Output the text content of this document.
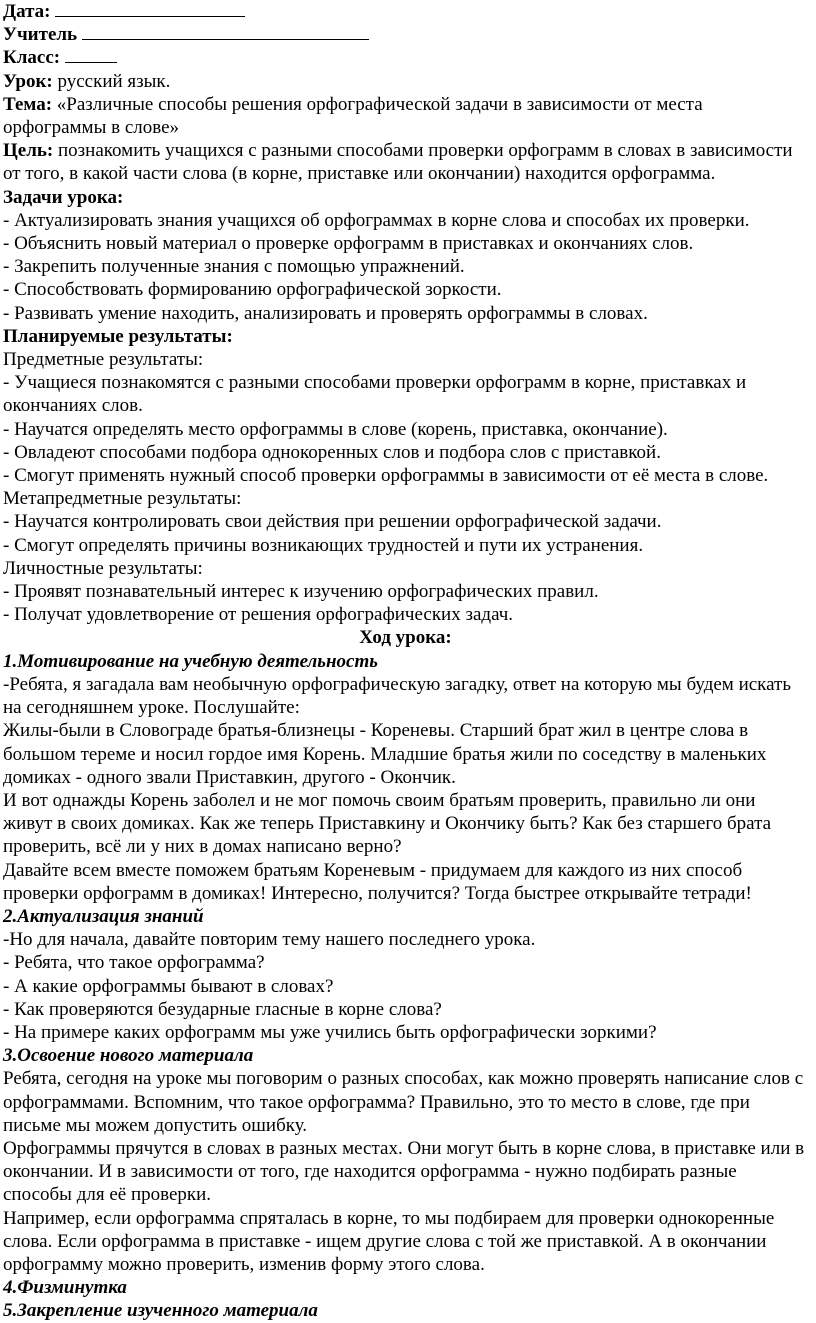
Дата:

Учитель

Класс:

Урок: русский язык.

Тема: «Различные способы решения орфографической задачи в зависимости от места орфограммы в слове»

Цель: познакомить учащихся с разными способами проверки орфограмм в словах в зависимости от того, в какой части слова (в корне, приставке или окончании) находится орфограмма.

Задачи урока:

- Актуализировать знания учащихся об орфограммах в корне слова и способах их проверки.

- Объяснить новый материал о проверке орфограмм в приставках и окончаниях слов.

- Закрепить полученные знания с помощью упражнений.

- Способствовать формированию орфографической зоркости.

- Развивать умение находить, анализировать и проверять орфограммы в словах.

Планируемые результаты:

Предметные результаты:

- Учащиеся познакомятся с разными способами проверки орфограмм в корне, приставках и окончаниях слов.

- Научатся определять место орфограммы в слове (корень, приставка, окончание).

- Овладеют способами подбора однокоренных слов и подбора слов с приставкой.

- Смогут применять нужный способ проверки орфограммы в зависимости от её места в слове.

Метапредметные результаты:

- Научатся контролировать свои действия при решении орфографической задачи.

- Смогут определять причины возникающих трудностей и пути их устранения.

Личностные результаты:

- Проявят познавательный интерес к изучению орфографических правил.

- Получат удовлетворение от решения орфографических задач.

Ход урока:

1.Мотивирование на учебную деятельность

-Ребята, я загадала вам необычную орфографическую загадку, ответ на которую мы будем искать на сегодняшнем уроке. Послушайте:

Жилы-были в Словограде братья-близнецы - Кореневы. Старший брат жил в центре слова в большом тереме и носил гордое имя Корень. Младшие братья жили по соседству в маленьких домиках - одного звали Приставкин, другого - Окончик.

И вот однажды Корень заболел и не мог помочь своим братьям проверить, правильно ли они живут в своих домиках. Как же теперь Приставкину и Окончику быть? Как без старшего брата проверить, всё ли у них в домах написано верно?

Давайте всем вместе поможем братьям Кореневым - придумаем для каждого из них способ проверки орфограмм в домиках! Интересно, получится? Тогда быстрее открывайте тетради!

2.Актуализация знаний

-Но для начала, давайте повторим тему нашего последнего урока.

- Ребята, что такое орфограмма?

- А какие орфограммы бывают в словах?

- Как проверяются безударные гласные в корне слова?

- На примере каких орфограмм мы уже учились быть орфографически зоркими?

3.Освоение нового материала

Ребята, сегодня на уроке мы поговорим о разных способах, как можно проверять написание слов с орфограммами. Вспомним, что такое орфограмма? Правильно, это то место в слове, где при письме мы можем допустить ошибку.

Орфограммы прячутся в словах в разных местах. Они могут быть в корне слова, в приставке или в окончании. И в зависимости от того, где находится орфограмма - нужно подбирать разные способы для её проверки.

Например, если орфограмма спряталась в корне, то мы подбираем для проверки однокоренные слова. Если орфограмма в приставке - ищем другие слова с той же приставкой. А в окончании орфограмму можно проверить, изменив форму этого слова.

4.Физминутка

5.Закрепление изученного материала
